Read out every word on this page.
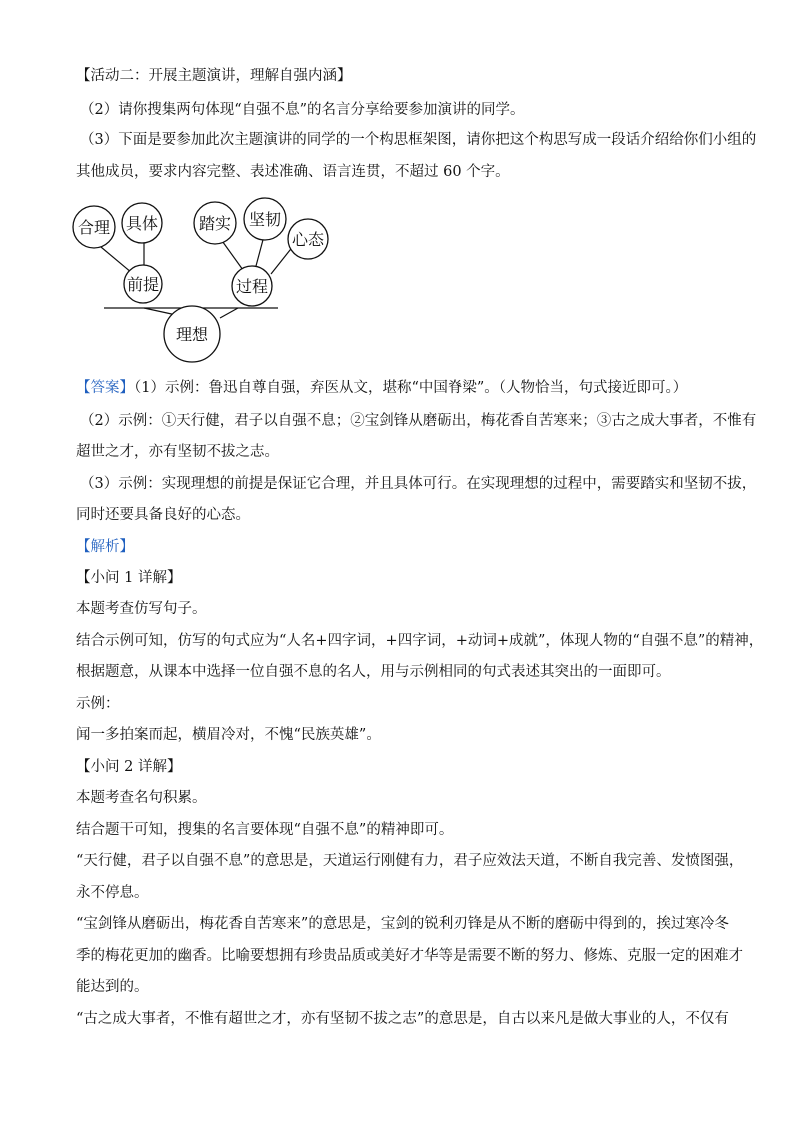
【活动二：开展主题演讲，理解自强内涵】
（2）请你搜集两句体现“自强不息”的名言分享给要参加演讲的同学。
（3）下面是要参加此次主题演讲的同学的一个构思框架图，请你把这个构思写成一段话介绍给你们小组的
其他成员，要求内容完整、表述准确、语言连贯，不超过 60 个字。
理想
前提
合理 具体
过程
踏实 坚韧
心态
【答案】（1）示例：鲁迅自尊自强，弃医从文，堪称“中国脊梁”。（人物恰当，句式接近即可。）
（2）示例：①天行健，君子以自强不息；②宝剑锋从磨砺出，梅花香自苦寒来；③古之成大事者，不惟有
超世之才，亦有坚韧不拔之志。
（3）示例：实现理想的前提是保证它合理，并且具体可行。在实现理想的过程中，需要踏实和坚韧不拔，
同时还要具备良好的心态。
【解析】
【小问 1 详解】
本题考查仿写句子。
结合示例可知，仿写的句式应为“人名+四字词，+四字词，+动词+成就”，体现人物的“自强不息”的精神，
根据题意，从课本中选择一位自强不息的名人，用与示例相同的句式表述其突出的一面即可。
示例：
闻一多拍案而起，横眉冷对，不愧“民族英雄”。
【小问 2 详解】
本题考查名句积累。
结合题干可知，搜集的名言要体现“自强不息”的精神即可。
“天行健，君子以自强不息”的意思是，天道运行刚健有力，君子应效法天道，不断自我完善、发愤图强，
永不停息。
“宝剑锋从磨砺出，梅花香自苦寒来”的意思是，宝剑的锐利刃锋是从不断的磨砺中得到的，挨过寒冷冬
季的梅花更加的幽香。比喻要想拥有珍贵品质或美好才华等是需要不断的努力、修炼、克服一定的困难才
能达到的。
“古之成大事者，不惟有超世之才，亦有坚韧不拔之志”的意思是，自古以来凡是做大事业的人，不仅有
